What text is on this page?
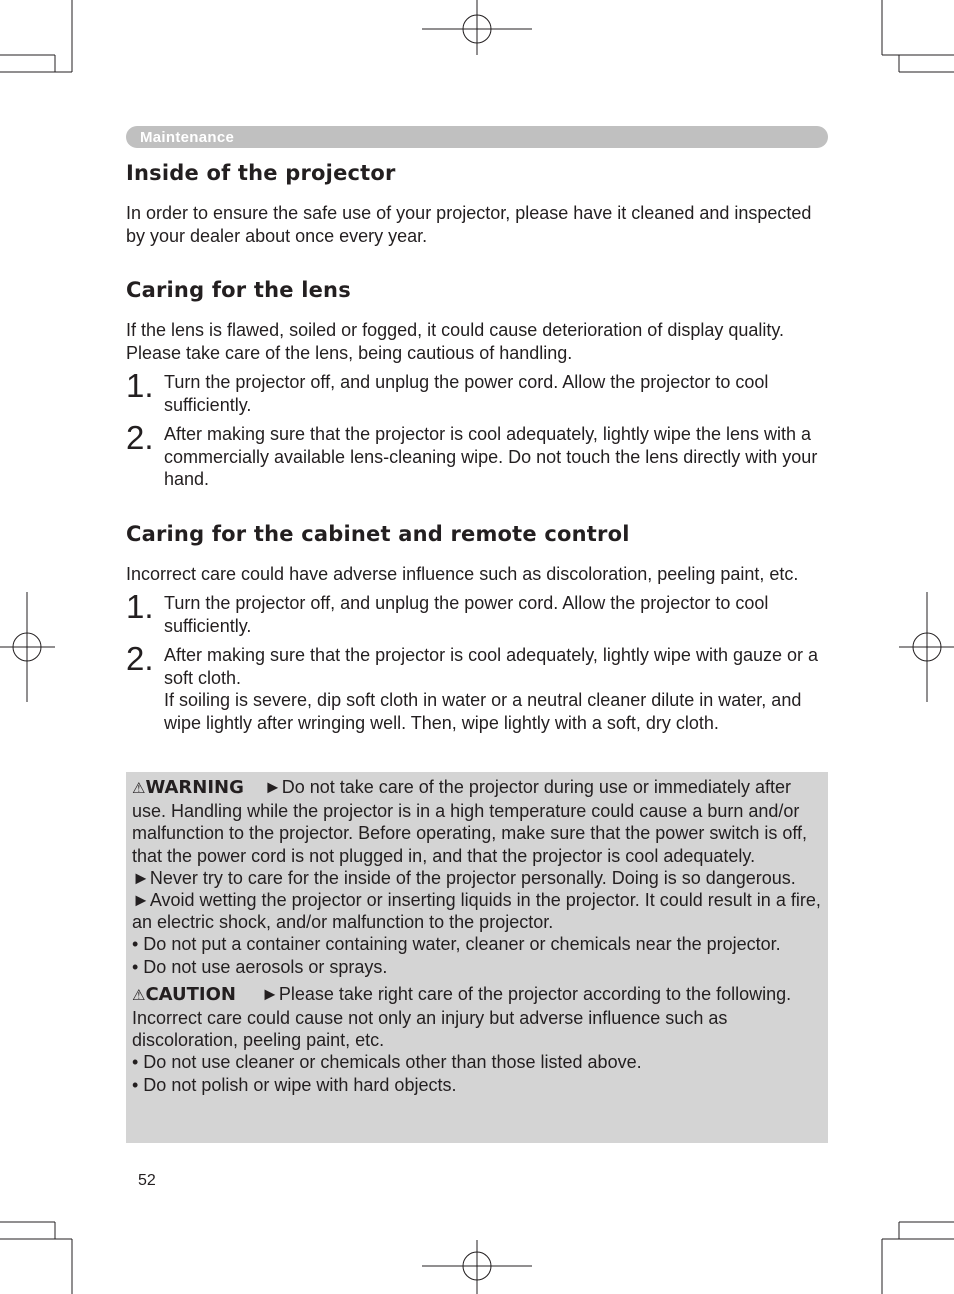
Maintenance
Inside of the projector

In order to ensure the safe use of your projector, please have it cleaned and inspected by your dealer about once every year.

Caring for the lens

If the lens is flawed, soiled or fogged, it could cause deterioration of display quality. Please take care of the lens, being cautious of handling.

1. Turn the projector off, and unplug the power cord. Allow the projector to cool sufficiently.
2. After making sure that the projector is cool adequately, lightly wipe the lens with a commercially available lens-cleaning wipe. Do not touch the lens directly with your hand.
Caring for the cabinet and remote control

Incorrect care could have adverse influence such as discoloration, peeling paint, etc.

1. Turn the projector off, and unplug the power cord. Allow the projector to cool sufficiently.
2. After making sure that the projector is cool adequately, lightly wipe with gauze or a soft cloth.
If soiling is severe, dip soft cloth in water or a neutral cleaner dilute in water, and wipe lightly after wringing well. Then, wipe lightly with a soft, dry cloth.
⚠WARNING ►Do not take care of the projector during use or immediately after use. Handling while the projector is in a high temperature could cause a burn and/or malfunction to the projector. Before operating, make sure that the power switch is off, that the power cord is not plugged in, and that the projector is cool adequately.
►Never try to care for the inside of the projector personally. Doing is so dangerous.
►Avoid wetting the projector or inserting liquids in the projector. It could result in a fire, an electric shock, and/or malfunction to the projector.
• Do not put a container containing water, cleaner or chemicals near the projector.
• Do not use aerosols or sprays.
⚠CAUTION ►Please take right care of the projector according to the following. Incorrect care could cause not only an injury but adverse influence such as discoloration, peeling paint, etc.
• Do not use cleaner or chemicals other than those listed above.
• Do not polish or wipe with hard objects.
52
